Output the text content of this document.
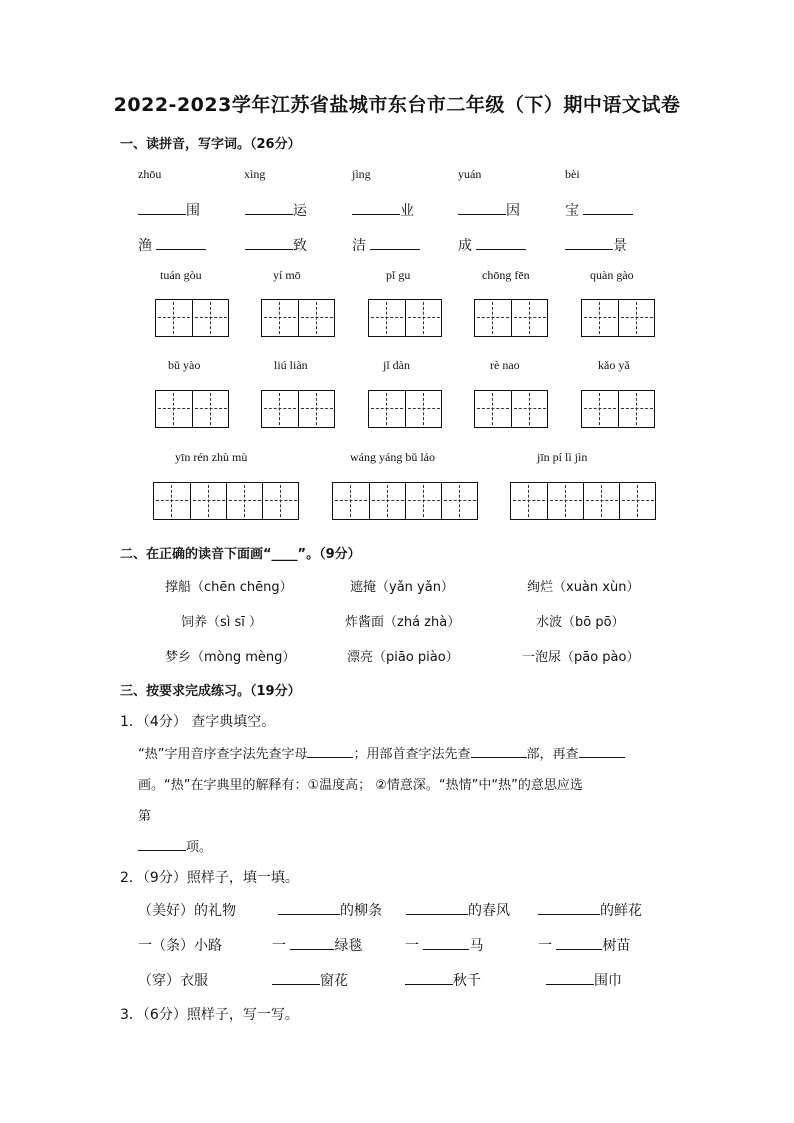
2022-2023学年江苏省盐城市东台市二年级（下）期中语文试卷
一、读拼音，写字词。（26分）
zhōu	xìng	jìng	yuán	bèi
围	运	业	因	宝
渔	致	洁	成	景
tuán gòu	yí mō	pǐ gu	chōng fēn	quàn gào
bǔ yào	liú liàn	jǐ dàn	rè nao	kǎo yǎ
yīn rén zhù mù	wáng yáng bǔ láo	jīn pí lì jìn
二、在正确的读音下面画“____”。（9分）
撑船（chēn chēng）	遮掩（yǎn yǎn）	绚烂（xuàn xùn）
饲养（sì sī ）	炸酱面（zhá zhà）	水波（bō pō）
梦乡（mòng mèng）	漂亮（piāo piào）	一泡尿（pāo pào）
三、按要求完成练习。（19分）
1．（4分） 查字典填空。
“热”字用音序查字法先查字母	；用部首查字法先查	部，再查
画。“热”在字典里的解释有：①温度高； ②情意深。“热情”中“热”的意思应选
第
项。
2．（9分）照样子，填一填。
（美好）的礼物	的柳条	的春风	的鲜花
一（条）小路	一	绿毯	一	马	一	树苗
（穿）衣服	窗花	秋千	围巾
3．（6分）照样子，写一写。
